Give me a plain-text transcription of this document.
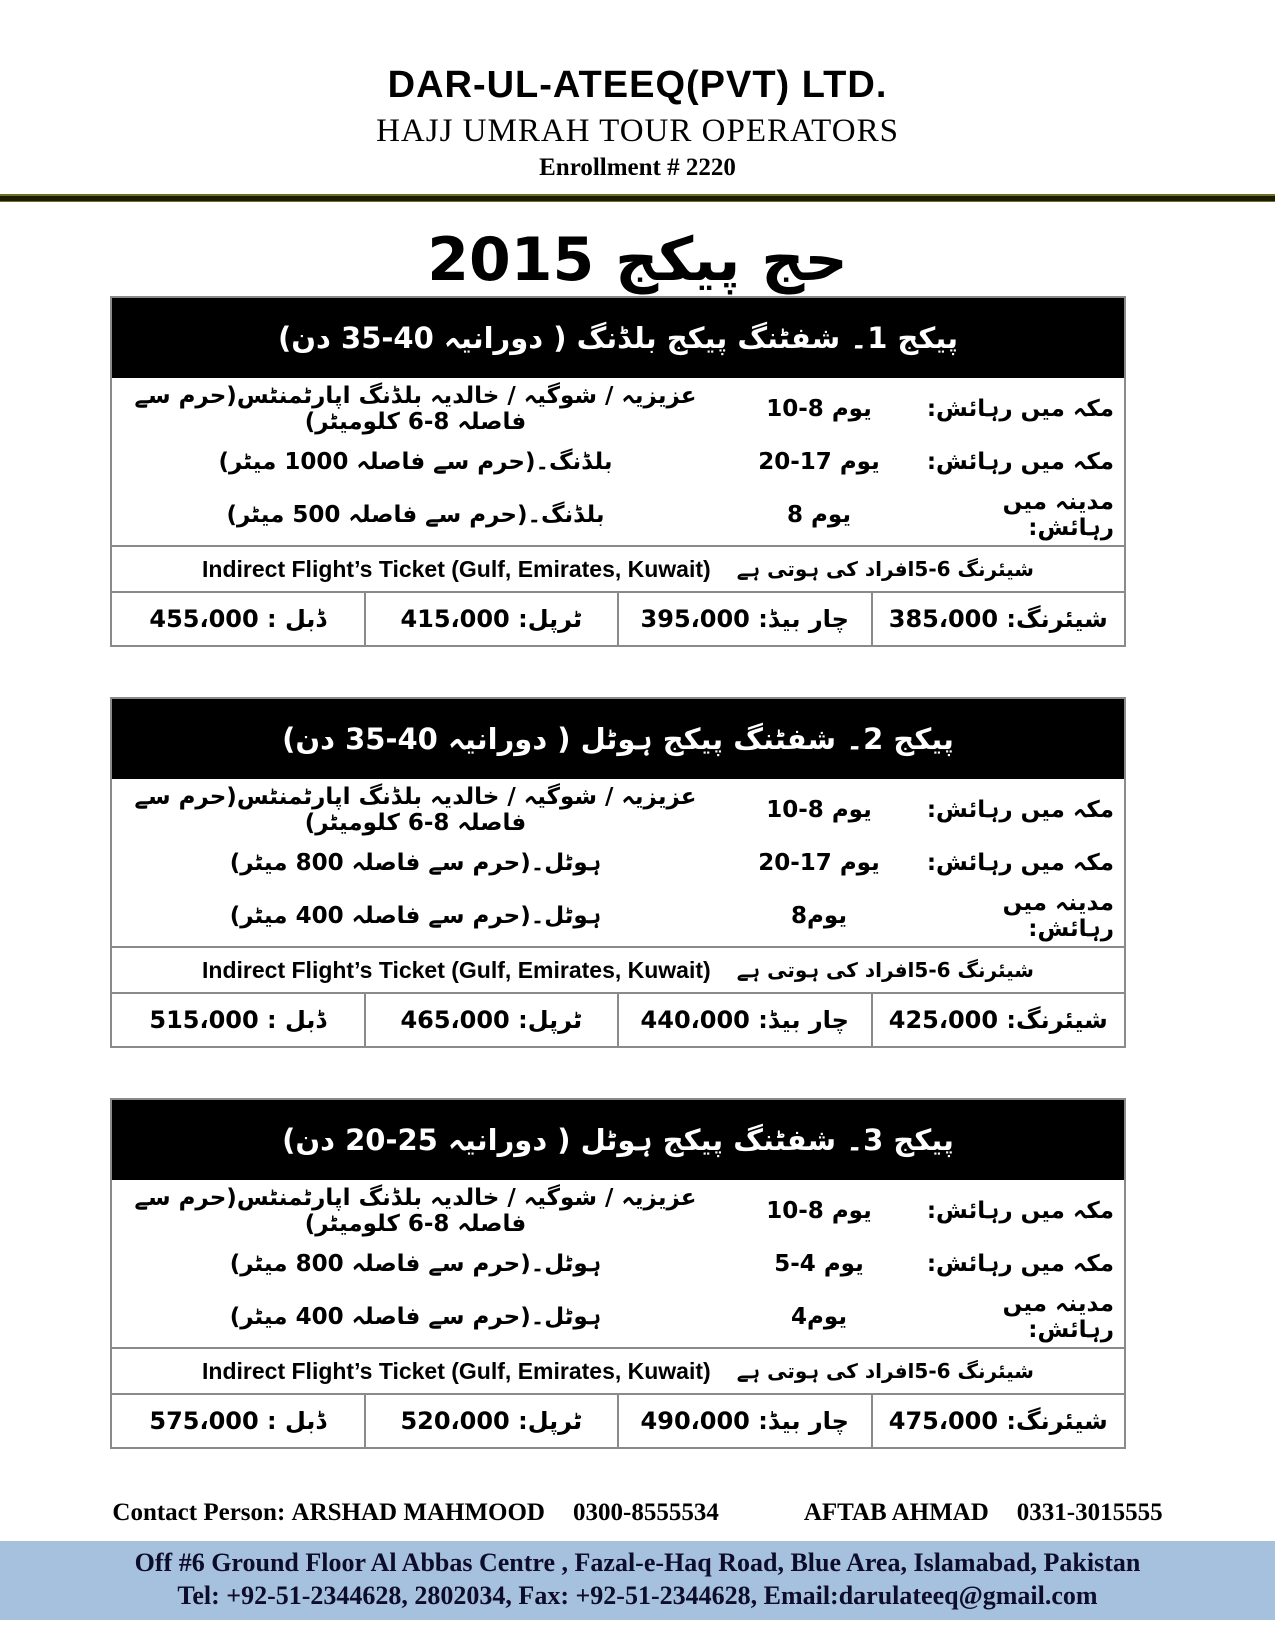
DAR-UL-ATEEQ(PVT) LTD.
HAJJ UMRAH TOUR OPERATORS
Enrollment # 2220
حج پیکج 2015
پیکج 1۔ شفٹنگ پیکج بلڈنگ ( دورانیہ 40-35 دن)
مکہ میں رہائش:
10-8 یوم
عزیزیہ / شوگیہ / خالدیہ بلڈنگ اپارٹمنٹس(حرم سے فاصلہ 8-6 کلومیٹر)
مکہ میں رہائش:
20-17 یوم
بلڈنگ۔(حرم سے فاصلہ 1000 میٹر)
مدینہ میں رہائش:
8 یوم
بلڈنگ۔(حرم سے فاصلہ 500 میٹر)
Indirect Flight’s Ticket (Gulf, Emirates, Kuwait) شیئرنگ 6-5افراد کی ہوتی ہے
شیئرنگ: 385،000
چار بیڈ: 395،000
ٹرپل: 415،000
ڈبل : 455،000
پیکج 2۔ شفٹنگ پیکج ہوٹل ( دورانیہ 40-35 دن)
مکہ میں رہائش:
10-8 یوم
عزیزیہ / شوگیہ / خالدیہ بلڈنگ اپارٹمنٹس(حرم سے فاصلہ 8-6 کلومیٹر)
مکہ میں رہائش:
20-17 یوم
ہوٹل۔(حرم سے فاصلہ 800 میٹر)
مدینہ میں رہائش:
8یوم
ہوٹل۔(حرم سے فاصلہ 400 میٹر)
Indirect Flight’s Ticket (Gulf, Emirates, Kuwait) شیئرنگ 6-5افراد کی ہوتی ہے
شیئرنگ: 425،000
چار بیڈ: 440،000
ٹرپل: 465،000
ڈبل : 515،000
پیکج 3۔ شفٹنگ پیکج ہوٹل ( دورانیہ 25-20 دن)
مکہ میں رہائش:
10-8 یوم
عزیزیہ / شوگیہ / خالدیہ بلڈنگ اپارٹمنٹس(حرم سے فاصلہ 8-6 کلومیٹر)
مکہ میں رہائش:
5-4 یوم
ہوٹل۔(حرم سے فاصلہ 800 میٹر)
مدینہ میں رہائش:
4یوم
ہوٹل۔(حرم سے فاصلہ 400 میٹر)
Indirect Flight’s Ticket (Gulf, Emirates, Kuwait) شیئرنگ 6-5افراد کی ہوتی ہے
شیئرنگ: 475،000
چار بیڈ: 490،000
ٹرپل: 520،000
ڈبل : 575،000
Contact Person:
ARSHAD MAHMOOD 0300-8555534	AFTAB AHMAD 0331-3015555
Off #6 Ground Floor Al Abbas Centre , Fazal-e-Haq Road, Blue Area, Islamabad, Pakistan
Tel: +92-51-2344628, 2802034, Fax: +92-51-2344628, Email:darulateeq@gmail.com
